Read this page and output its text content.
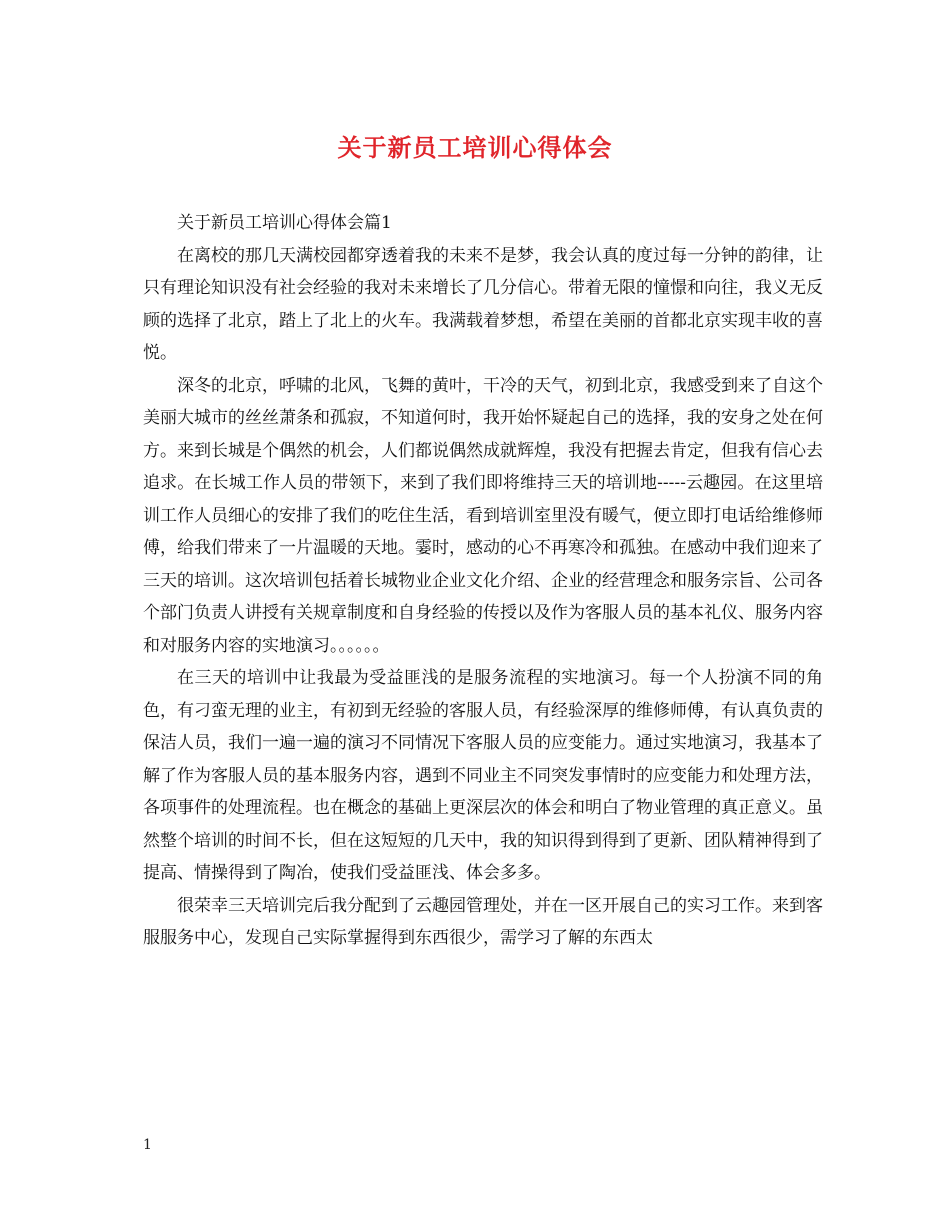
关于新员工培训心得体会

关于新员工培训心得体会篇1

在离校的那几天满校园都穿透着我的未来不是梦，我会认真的度过每一分钟的韵律，让只有理论知识没有社会经验的我对未来增长了几分信心。带着无限的憧憬和向往，我义无反顾的选择了北京，踏上了北上的火车。我满载着梦想，希望在美丽的首都北京实现丰收的喜悦。

深冬的北京，呼啸的北风，飞舞的黄叶，干冷的天气，初到北京，我感受到来了自这个美丽大城市的丝丝萧条和孤寂，不知道何时，我开始怀疑起自己的选择，我的安身之处在何方。来到长城是个偶然的机会，人们都说偶然成就辉煌，我没有把握去肯定，但我有信心去追求。在长城工作人员的带领下，来到了我们即将维持三天的培训地-----云趣园。在这里培训工作人员细心的安排了我们的吃住生活，看到培训室里没有暖气，便立即打电话给维修师傅，给我们带来了一片温暖的天地。霎时，感动的心不再寒冷和孤独。在感动中我们迎来了三天的培训。这次培训包括着长城物业企业文化介绍、企业的经营理念和服务宗旨、公司各个部门负责人讲授有关规章制度和自身经验的传授以及作为客服人员的基本礼仪、服务内容和对服务内容的实地演习。。。。。。

在三天的培训中让我最为受益匪浅的是服务流程的实地演习。每一个人扮演不同的角色，有刁蛮无理的业主，有初到无经验的客服人员，有经验深厚的维修师傅，有认真负责的保洁人员，我们一遍一遍的演习不同情况下客服人员的应变能力。通过实地演习，我基本了解了作为客服人员的基本服务内容，遇到不同业主不同突发事情时的应变能力和处理方法，各项事件的处理流程。也在概念的基础上更深层次的体会和明白了物业管理的真正意义。虽然整个培训的时间不长，但在这短短的几天中，我的知识得到得到了更新、团队精神得到了提高、情操得到了陶冶，使我们受益匪浅、体会多多。

很荣幸三天培训完后我分配到了云趣园管理处，并在一区开展自己的实习工作。来到客服服务中心，发现自己实际掌握得到东西很少，需学习了解的东西太

1
